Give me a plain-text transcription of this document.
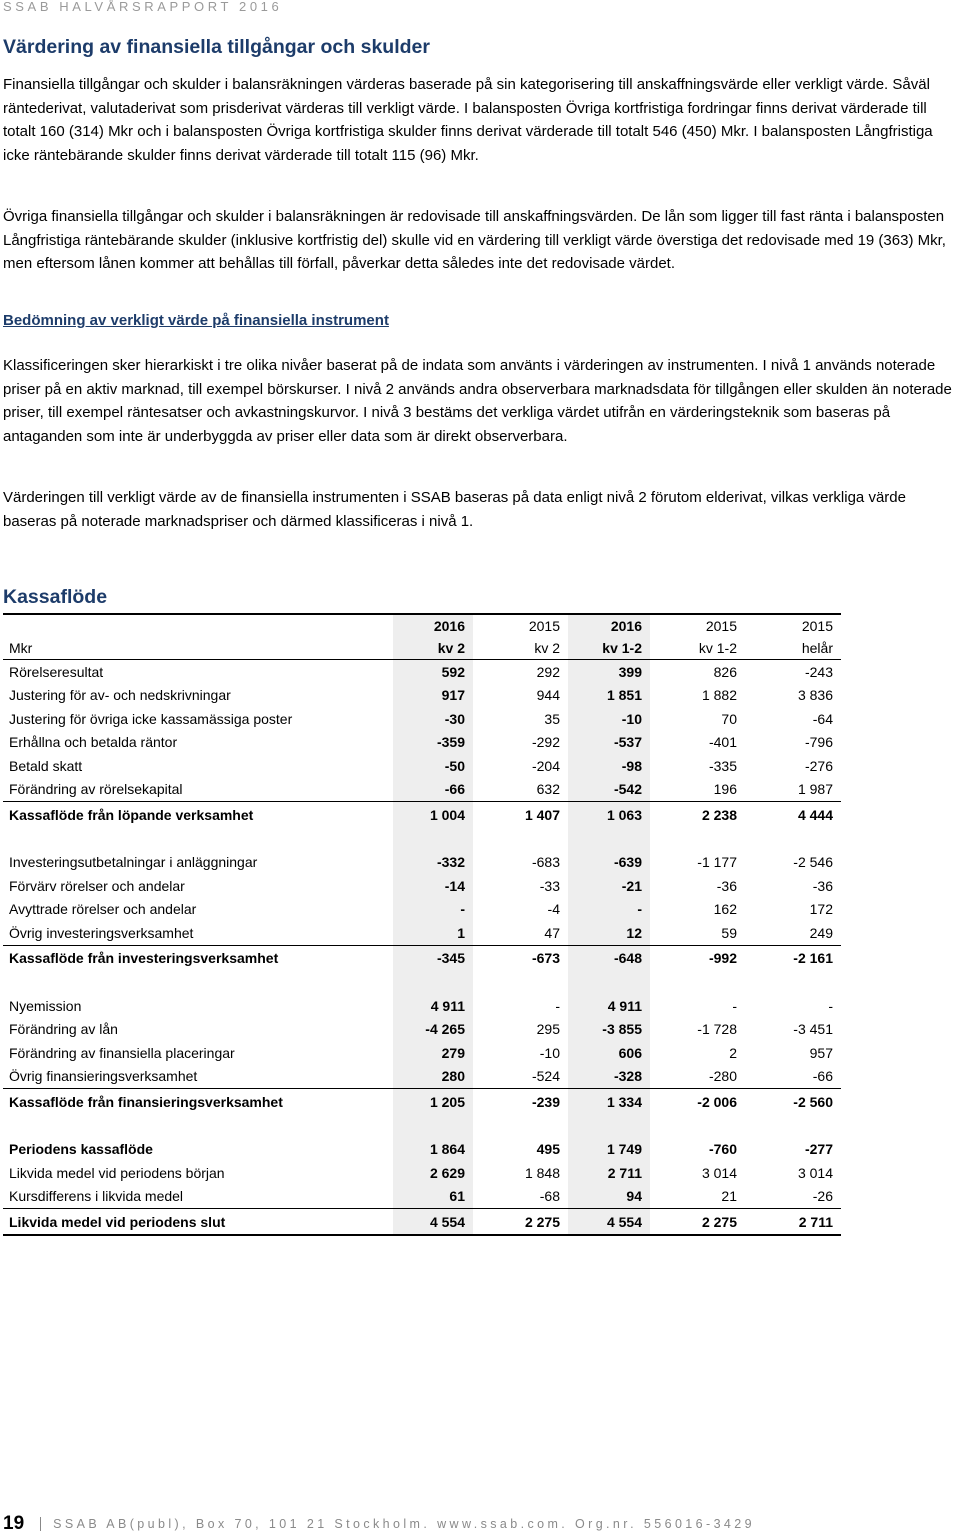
SSAB HALVÅRSRAPPORT 2016
Värdering av finansiella tillgångar och skulder

Finansiella tillgångar och skulder i balansräkningen värderas baserade på sin kategorisering till anskaffningsvärde eller verkligt värde. Såväl räntederivat, valutaderivat som prisderivat värderas till verkligt värde. I balansposten Övriga kortfristiga fordringar finns derivat värderade till totalt 160 (314) Mkr och i balansposten Övriga kortfristiga skulder finns derivat värderade till totalt 546 (450) Mkr. I balansposten Långfristiga icke räntebärande skulder finns derivat värderade till totalt 115 (96) Mkr.

Övriga finansiella tillgångar och skulder i balansräkningen är redovisade till anskaffningsvärden. De lån som ligger till fast ränta i balansposten Långfristiga räntebärande skulder (inklusive kortfristig del) skulle vid en värdering till verkligt värde överstiga det redovisade med 19 (363) Mkr, men eftersom lånen kommer att behållas till förfall, påverkar detta således inte det redovisade värdet.

Bedömning av verkligt värde på finansiella instrument

Klassificeringen sker hierarkiskt i tre olika nivåer baserat på de indata som använts i värderingen av instrumenten. I nivå 1 används noterade priser på en aktiv marknad, till exempel börskurser. I nivå 2 används andra observerbara marknadsdata för tillgången eller skulden än noterade priser, till exempel räntesatser och avkastningskurvor. I nivå 3 bestäms det verkliga värdet utifrån en värderingsteknik som baseras på antaganden som inte är underbyggda av priser eller data som är direkt observerbara.

Värderingen till verkligt värde av de finansiella instrumenten i SSAB baseras på data enligt nivå 2 förutom elderivat, vilkas verkliga värde baseras på noterade marknadspriser och därmed klassificeras i nivå 1.

Kassaflöde
	2016	2015	2016	2015	2015
Mkr	kv 2	kv 2	kv 1-2	kv 1-2	helår
Rörelseresultat	592	292	399	826	-243
Justering för av- och nedskrivningar	917	944	1 851	1 882	3 836
Justering för övriga icke kassamässiga poster	-30	35	-10	70	-64
Erhållna och betalda räntor	-359	-292	-537	-401	-796
Betald skatt	-50	-204	-98	-335	-276
Förändring av rörelsekapital	-66	632	-542	196	1 987
Kassaflöde från löpande verksamhet	1 004	1 407	1 063	2 238	4 444

Investeringsutbetalningar i anläggningar	-332	-683	-639	-1 177	-2 546
Förvärv rörelser och andelar	-14	-33	-21	-36	-36
Avyttrade rörelser och andelar	-	-4	-	162	172
Övrig investeringsverksamhet	1	47	12	59	249
Kassaflöde från investeringsverksamhet	-345	-673	-648	-992	-2 161

Nyemission	4 911	-	4 911	-	-
Förändring av lån	-4 265	295	-3 855	-1 728	-3 451
Förändring av finansiella placeringar	279	-10	606	2	957
Övrig finansieringsverksamhet	280	-524	-328	-280	-66
Kassaflöde från finansieringsverksamhet	1 205	-239	1 334	-2 006	-2 560

Periodens kassaflöde	1 864	495	1 749	-760	-277
Likvida medel vid periodens början	2 629	1 848	2 711	3 014	3 014
Kursdifferens i likvida medel	61	-68	94	21	-26
Likvida medel vid periodens slut	4 554	2 275	4 554	2 275	2 711
19 SSAB AB(publ), Box 70, 101 21 Stockholm. www.ssab.com. Org.nr. 556016-3429
